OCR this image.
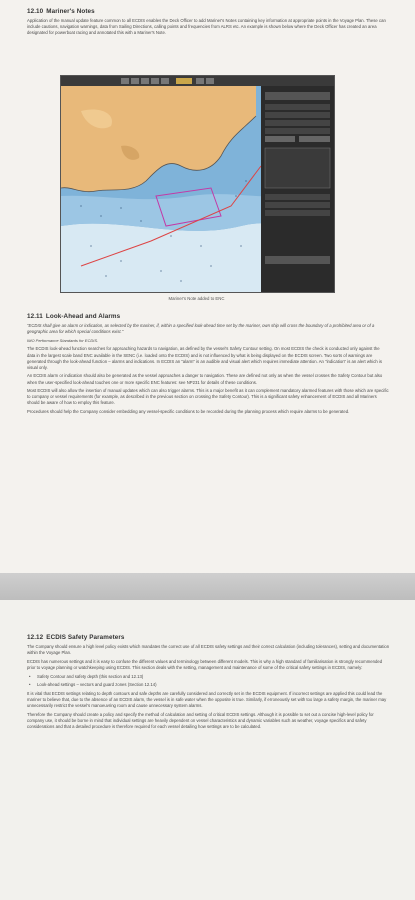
12.10 Mariner's Notes

Application of the manual update feature common to all ECDIS enables the Deck Officer to add Mariner's Notes containing key information at appropriate points in the Voyage Plan. These can include cautions, navigation warnings, data from Sailing Directions, calling points and frequencies from ALRS etc. An example is shown below where the Deck Officer has created an area designated for powerboat racing and annotated this with a Mariner's Note.

Mariner's Note added to ENC
12.11 Look-Ahead and Alarms

"ECDIS shall give an alarm or indication, as selected by the mariner, if, within a specified look-ahead time set by the mariner, own ship will cross the boundary of a prohibited area or of a geographic area for which special conditions exist."

IMO Performance Standards for ECDIS.

The ECDIS look-ahead function searches for approaching hazards to navigation, as defined by the vessel's Safety Contour setting. On most ECDIS the check is conducted only against the data in the largest scale band ENC available in the SENC (i.e. loaded onto the ECDIS) and is not influenced by what is being displayed on the ECDIS screen. Two sorts of warnings are generated through the look-ahead function – alarms and indications. In ECDIS an "alarm" is an audible and visual alert which requires immediate attention. An "indication" is an alert which is visual only.

An ECDIS alarm or indication should also be generated as the vessel approaches a danger to navigation. These are defined not only as when the vessel crosses the Safety Contour but also when the user-specified look-ahead touches one or more specific ENC features: see NP231 for details of these conditions.

Most ECDIS will also allow the insertion of manual updates which can also trigger alarms. This is a major benefit as it can complement mandatory alarmed features with those which are specific to company or vessel requirements (for example, as described in the previous section on crossing the Safety Contour). This is a significant safety enhancement of ECDIS and all Mariners should be aware of how to employ this feature.

Procedures should help the Company consider embedding any vessel-specific conditions to be recorded during the planning process which require alarms to be generated.

12.12 ECDIS Safety Parameters

The Company should ensure a high level policy exists which mandates the correct use of all ECDIS safety settings and their correct calculation (including tolerances), setting and documentation within the Voyage Plan.

ECDIS has numerous settings and it is easy to confuse the different values and terminology between different models. This is why a high standard of familiarisation is strongly recommended prior to voyage planning or watchkeeping using ECDIS. This section deals with the setting, management and maintenance of some of the critical safety settings in ECDIS, namely:

• Safety Contour and safety depth (this section and 12.13)

• Look-ahead settings – vectors and guard zones (Section 12.14)

It is vital that ECDIS settings relating to depth contours and safe depths are carefully considered and correctly set in the ECDIS equipment. If incorrect settings are applied this could lead the mariner to believe that, due to the absence of an ECDIS alarm, the vessel is in safe water when the opposite is true. Similarly, if erroneously set with too large a safety margin, the mariner may unnecessarily restrict the vessel's manoeuvring room and cause unnecessary system alarms.

Therefore the Company should create a policy and specify the method of calculation and setting of critical ECDIS settings. Although it is possible to set out a concise high-level policy for company use, it should be borne in mind that individual settings are heavily dependent on vessel characteristics and dynamic variables such as weather, voyage specifics and safety considerations and that a detailed procedure is therefore required for each vessel detailing how settings are to be calculated.
